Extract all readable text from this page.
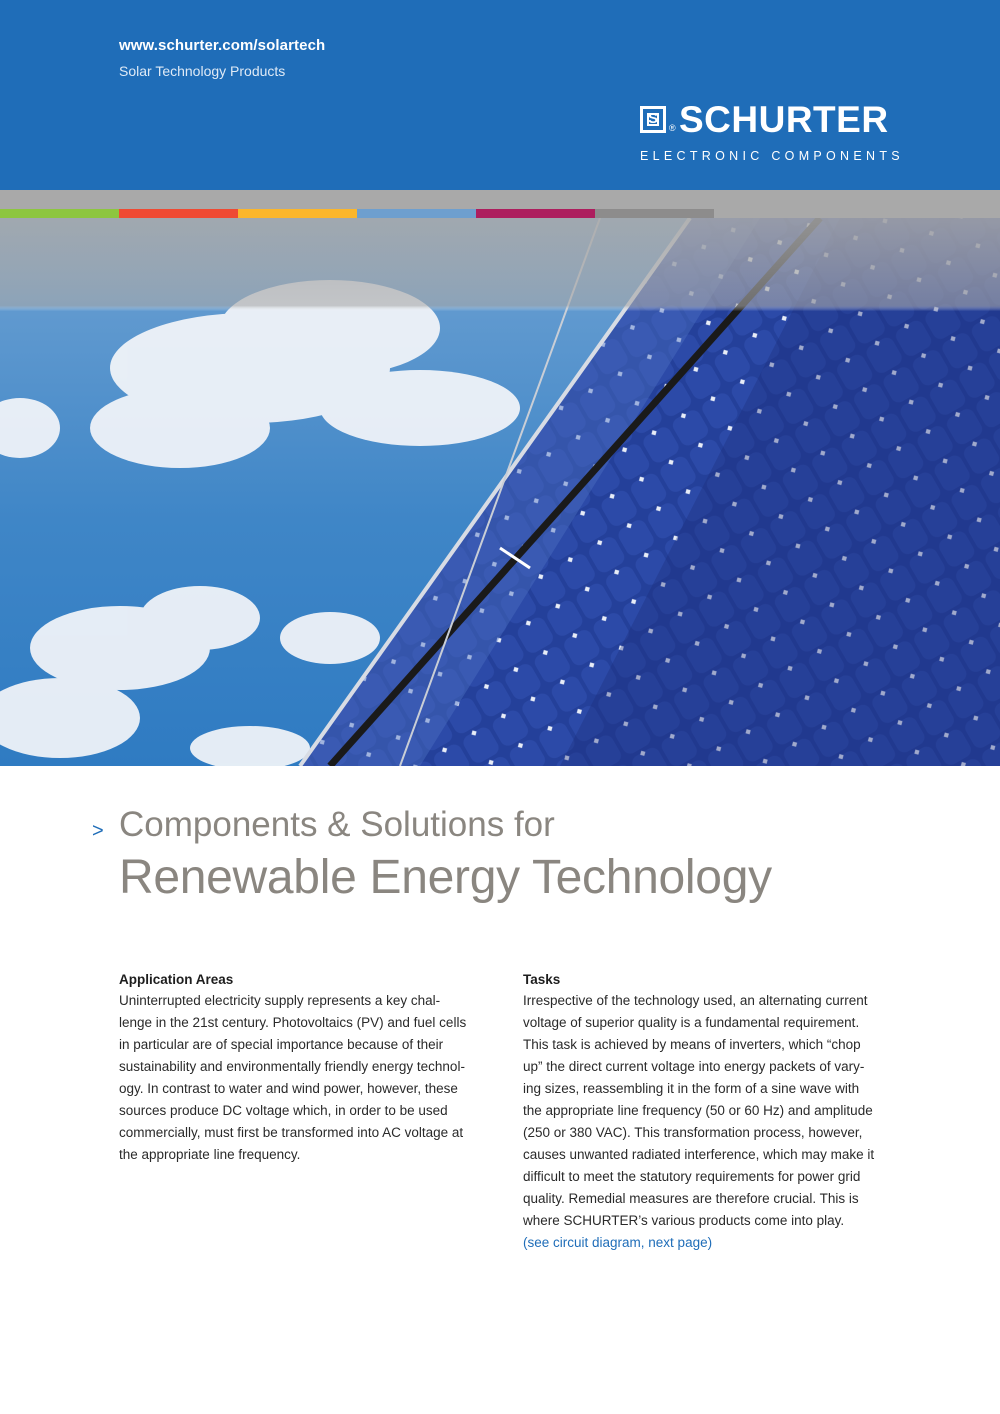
www.schurter.com/solartech
Solar Technology Products
S
® SCHURTER
ELECTRONIC COMPONENTS
> Components & Solutions for
Renewable Energy Technology
Application Areas

Uninterrupted electricity supply represents a key chal-
lenge in the 21st century. Photovoltaics (PV) and fuel cells
in particular are of special importance because of their
sustainability and environmentally friendly energy technol-
ogy. In contrast to water and wind power, however, these
sources produce DC voltage which, in order to be used
commercially, must first be transformed into AC voltage at
the appropriate line frequency.

Tasks

Irrespective of the technology used, an alternating current
voltage of superior quality is a fundamental requirement.
This task is achieved by means of inverters, which “chop
up” the direct current voltage into energy packets of vary-
ing sizes, reassembling it in the form of a sine wave with
the appropriate line frequency (50 or 60 Hz) and amplitude
(250 or 380 VAC). This transformation process, however,
causes unwanted radiated interference, which may make it
difficult to meet the statutory requirements for power grid
quality. Remedial measures are therefore crucial. This is
where SCHURTER’s various products come into play.

(see circuit diagram, next page)
